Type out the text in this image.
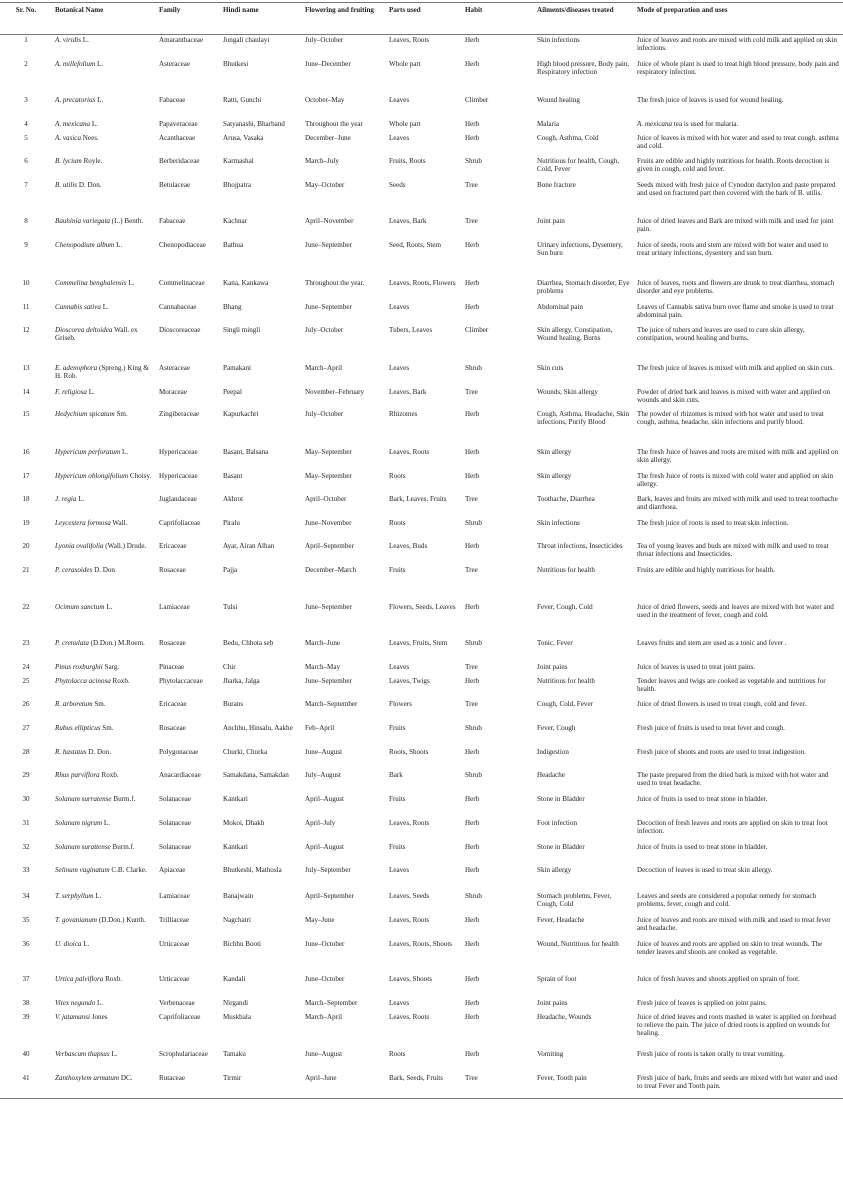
Sr. No.	Botanical Name	Family	Hindi name	Flowering and fruiting	Parts used	Habit	Ailments/diseases treated	Mode of preparation and uses
1	A. viridis L.	Amaranthaceae	Jungali chaulayi	July–October	Leaves, Roots	Herb	Skin infections	Juice of leaves and roots are mixed with cold milk and applied on skin infections.
2	A. millefolium L.	Asteraceae	Bhutkesi	June–December	Whole part	Herb	High blood pressure, Body pain, Respiratory infection	Juice of whole plant is used to treat high blood pressure, body pain and respiratory infection.
3	A. precatorius L.	Fabaceae	Ratti, Gunchi	October–May	Leaves	Climber	Wound healing	The fresh juice of leaves is used for wound healing.
4	A. mexicana L.	Papaveraceae	Satyanashi, Bharband	Throughout the year	Whole part	Herb	Malaria	A. mexicana tea is used for malaria.
5	A. vasica Nees.	Acanthaceae	Arusa, Vasaka	December–June	Leaves	Herb	Cough, Asthma, Cold	Juice of leaves is mixed with hot water and used to treat cough, asthma and cold.
6	B. lycium Royle.	Berberidaceae	Karmashal	March–July	Fruits, Roots	Shrub	Nutritious for health, Cough, Cold, Fever	Fruits are edible and highly nutritious for health. Roots decoction is given in cough, cold and fever.
7	B. utilis D. Don.	Betulaceae	Bhojpatra	May–October	Seeds	Tree	Bone fracture	Seeds mixed with fresh juice of Cynodon dactylon and paste prepared and used on fractured part then covered with the bark of B. utilis.
8	Bauhinia variegata (L.) Benth.	Fabaceae	Kachnar	April–November	Leaves, Bark	Tree	Joint pain	Juice of dried leaves and Bark are mixed with milk and used for joint pain.
9	Chenopodium album L.	Chenopodiaceae	Bathua	June–September	Seed, Roots, Stem	Herb	Urinary infections, Dysentery, Sun burn	Juice of seeds, roots and stem are mixed with hot water and used to treat urinary infections, dysentery and sun burn.
10	Commelina benghalensis L.	Commelinaceae	Kana, Kankawa	Throughout the year.	Leaves, Roots, Flowers	Herb	Diarrhea, Stomach disorder, Eye problems	Juice of leaves, roots and flowers are drunk to treat diarrhea, stomach disorder and eye problems.
11	Cannabis sativa L.	Cannabaceae	Bhang	June–September	Leaves	Herb	Abdominal pain	Leaves of Cannabis sativa burn over flame and smoke is used to treat abdominal pain.
12	Dioscorea deltoidea Wall. ex Griseb.	Dioscoreaceae	Singli mingli	July–October	Tubers, Leaves	Climber	Skin allergy, Constipation, Wound healing, Burns	The juice of tubers and leaves are used to cure skin allergy, constipation, wound healing and burns.
13	E. adenophora (Spreng.) King & H. Rob.	Asteraceae	Pamakani	March–April	Leaves	Shrub	Skin cuts	The fresh juice of leaves is mixed with milk and applied on skin cuts.
14	F. religiosa L.	Moraceae	Peepal	November–February	Leaves, Bark	Tree	Wounds, Skin allergy	Powder of dried bark and leaves is mixed with water and applied on wounds and skin cuts.
15	Hedychium spicatum Sm.	Zingiberaceae	Kapurkachri	July–October	Rhizomes	Herb	Cough, Asthma, Headache, Skin infections, Purify Blood	The powder of rhizomes is mixed with hot water and used to treat cough, asthma, headache, skin infections and purify blood.
16	Hypericum perforatum L.	Hypericaceae	Basant, Balsana	May–September	Leaves, Roots	Herb	Skin allergy	The fresh Juice of leaves and roots are mixed with milk and applied on skin allergy.
17	Hypericum oblongifolium Choisy.	Hypericaceae	Basant	May–September	Roots	Herb	Skin allergy	The fresh Juice of roots is mixed with cold water and applied on skin allergy.
18	J. regia L.	Juglandaceae	Akhrot	April–October	Bark, Leaves, Fruits	Tree	Toothache, Diarrhea	Bark, leaves and fruits are mixed with milk and used to treat toothache and diarrhoea.
19	Leycestera formosa Wall.	Caprifoliaceae	Piralu	June–November	Roots	Shrub	Skin infections	The fresh juice of roots is used to treat skin infection.
20	Lyonia ovalifolia (Wall.) Drude.	Ericaceae	Ayar, Airan Alhan	April–September	Leaves, Buds	Herb	Throat infections, Insecticides	Tea of young leaves and buds are mixed with milk and used to treat throat infections and Insecticides.
21	P. cerasoides D. Don	Rosaceae	Pajja	December–March	Fruits	Tree	Nutritious for health	Fruits are edible and highly nutritious for health.
22	Ocimum sanctum L.	Lamiaceae	Tulsi	June–September	Flowers, Seeds, Leaves	Herb	Fever, Cough, Cold	Juice of dried flowers, seeds and leaves are mixed with hot water and used in the treatment of fever, cough and cold.
23	P. crenulata (D.Don.) M.Roem.	Rosaceae	Bedu, Chhota seb	March–June	Leaves, Fruits, Stem	Shrub	Tonic, Fever	Leaves fruits and stem are used as a tonic and fever .
24	Pinus roxburghii Sarg.	Pinaceae	Chir	March–May	Leaves	Tree	Joint pains	Juice of leaves is used to treat joint pains.
25	Phytolacca acinosa Roxb.	Phytolaccaceae	Jharka, Jalga	June–September	Leaves, Twigs	Herb	Nutritious for health	Tender leaves and twigs are cooked as vegetable and nutritious for health.
26	R. arboretum Sm.	Ericaceae	Burans	March–September	Flowers	Tree	Cough, Cold, Fever	Juice of dried flowers is used to treat cough, cold and fever.
27	Rubus ellipticus Sm.	Rosaceae	Anchhu, Hinsalu, Aakhe	Feb–April	Fruits	Shrub	Fever, Cough	Fresh juice of fruits is used to treat fever and cough.
28	R. hastatus D. Don.	Polygonaceae	Churki, Churka	June–August	Roots, Shoots	Herb	Indigestion	Fresh juice of shoots and roots are used to treat indigestion.
29	Rhus parviflora Roxb.	Anacardiaceae	Samakdana, Samakdan	July–August	Bark	Shrub	Headache	The paste prepared from the dried bark is mixed with hot water and used to treat headache.
30	Solanum surratense Burm.f.	Solanaceae	Kantkari	April–August	Fruits	Herb	Stone in Bladder	Juice of fruits is used to treat stone in bladder.
31	Solanum nigrum L.	Solanaceae	Mokoi, Dhakh	April–July	Leaves, Roots	Herb	Foot infection	Decoction of fresh leaves and roots are applied on skin to treat foot infection.
32	Solanum surattense Burm.f.	Solanaceae	Kantkari	April–August	Fruits	Herb	Stone in Bladder	Juice of fruits is used to treat stone in bladder.
33	Selinum vaginatum C.B. Clarke.	Apiaceae	Bhutkeshi, Mathosla	July–September	Leaves	Herb	Skin allergy	Decoction of leaves is used to treat skin allergy.
34	T. serphyllum L.	Lamiaceae	Banajwain	April–September	Leaves, Seeds	Shrub	Stomach problems, Fever, Cough, Cold	Leaves and seeds are considered a popular remedy for stomach problems, fever, cough and cold.
35	T. govanianum (D.Don.) Kunth.	Trilliaceae	Nagchatri	May–June	Leaves, Roots	Herb	Fever, Headache	Juice of leaves and roots are mixed with milk and used to treat fever and headache.
36	U. dioica L.	Urticaceae	Bichhu Booti	June–October	Leaves, Roots, Shoots	Herb	Wound, Nutritious for health	Juice of leaves and roots are applied on skin to treat wounds. The tender leaves and shoots are cooked as vegetable.
37	Urtica palviflora Roxb.	Urticaceae	Kandali	June–October	Leaves, Shoots	Herb	Sprain of foot	Juice of fresh leaves and shoots applied on sprain of foot.
38	Vitex negundo L.	Verbenaceae	Nirgandi	March–September	Leaves	Herb	Joint pains	Fresh juice of leaves is applied on joint pains.
39	V. jatamansi Jones	Caprifoliaceae	Muskbala	March–April	Leaves, Roots	Herb	Headache, Wounds	Juice of dried leaves and roots mashed in water is applied on forehead to relieve the pain. The juice of dried roots is applied on wounds for healing.
40	Verbascum thapsus L.	Scrophulariaceae	Tamaku	June–August	Roots	Herb	Vomiting	Fresh juice of roots is taken orally to treat vomiting.
41	Zanthoxylem armatum DC.	Rutaceae	Tirmir	April–June	Bark, Seeds, Fruits	Tree	Fever, Tooth pain	Fresh juice of bark, fruits and seeds are mixed with hot water and used to treat Fever and Tooth pain.
